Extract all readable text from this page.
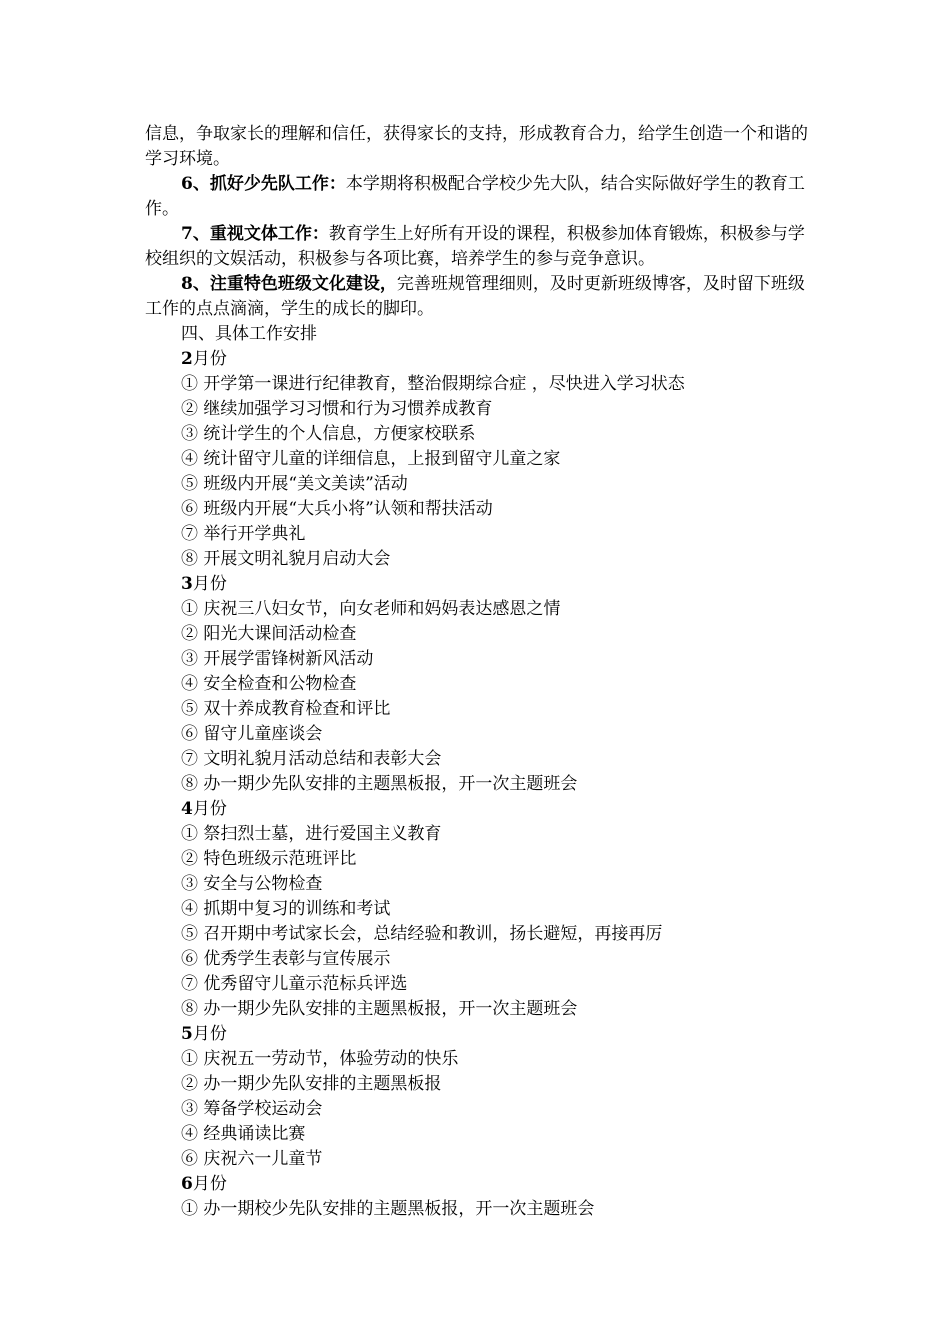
信息，争取家长的理解和信任，获得家长的支持，形成教育合力，给学生创造一个和谐的学习环境。

6、抓好少先队工作：本学期将积极配合学校少先大队，结合实际做好学生的教育工作。

7、重视文体工作：教育学生上好所有开设的课程，积极参加体育锻炼，积极参与学校组织的文娱活动，积极参与各项比赛，培养学生的参与竞争意识。

8、注重特色班级文化建设，完善班规管理细则，及时更新班级博客，及时留下班级工作的点点滴滴，学生的成长的脚印。

四、具体工作安排
2月份
① 开学第一课进行纪律教育，整治假期综合症 ，尽快进入学习状态
② 继续加强学习习惯和行为习惯养成教育
③ 统计学生的个人信息，方便家校联系
④ 统计留守儿童的详细信息，上报到留守儿童之家
⑤ 班级内开展“美文美读”活动
⑥ 班级内开展“大兵小将”认领和帮扶活动
⑦ 举行开学典礼
⑧ 开展文明礼貌月启动大会
3月份
① 庆祝三八妇女节，向女老师和妈妈表达感恩之情
② 阳光大课间活动检查
③ 开展学雷锋树新风活动
④ 安全检查和公物检查
⑤ 双十养成教育检查和评比
⑥ 留守儿童座谈会
⑦ 文明礼貌月活动总结和表彰大会
⑧ 办一期少先队安排的主题黑板报，开一次主题班会
4月份
① 祭扫烈士墓，进行爱国主义教育
② 特色班级示范班评比
③ 安全与公物检查
④ 抓期中复习的训练和考试
⑤ 召开期中考试家长会，总结经验和教训，扬长避短，再接再厉
⑥ 优秀学生表彰与宣传展示
⑦ 优秀留守儿童示范标兵评选
⑧ 办一期少先队安排的主题黑板报，开一次主题班会
5月份
① 庆祝五一劳动节，体验劳动的快乐
② 办一期少先队安排的主题黑板报
③ 筹备学校运动会
④ 经典诵读比赛
⑥ 庆祝六一儿童节
6月份
① 办一期校少先队安排的主题黑板报，开一次主题班会
